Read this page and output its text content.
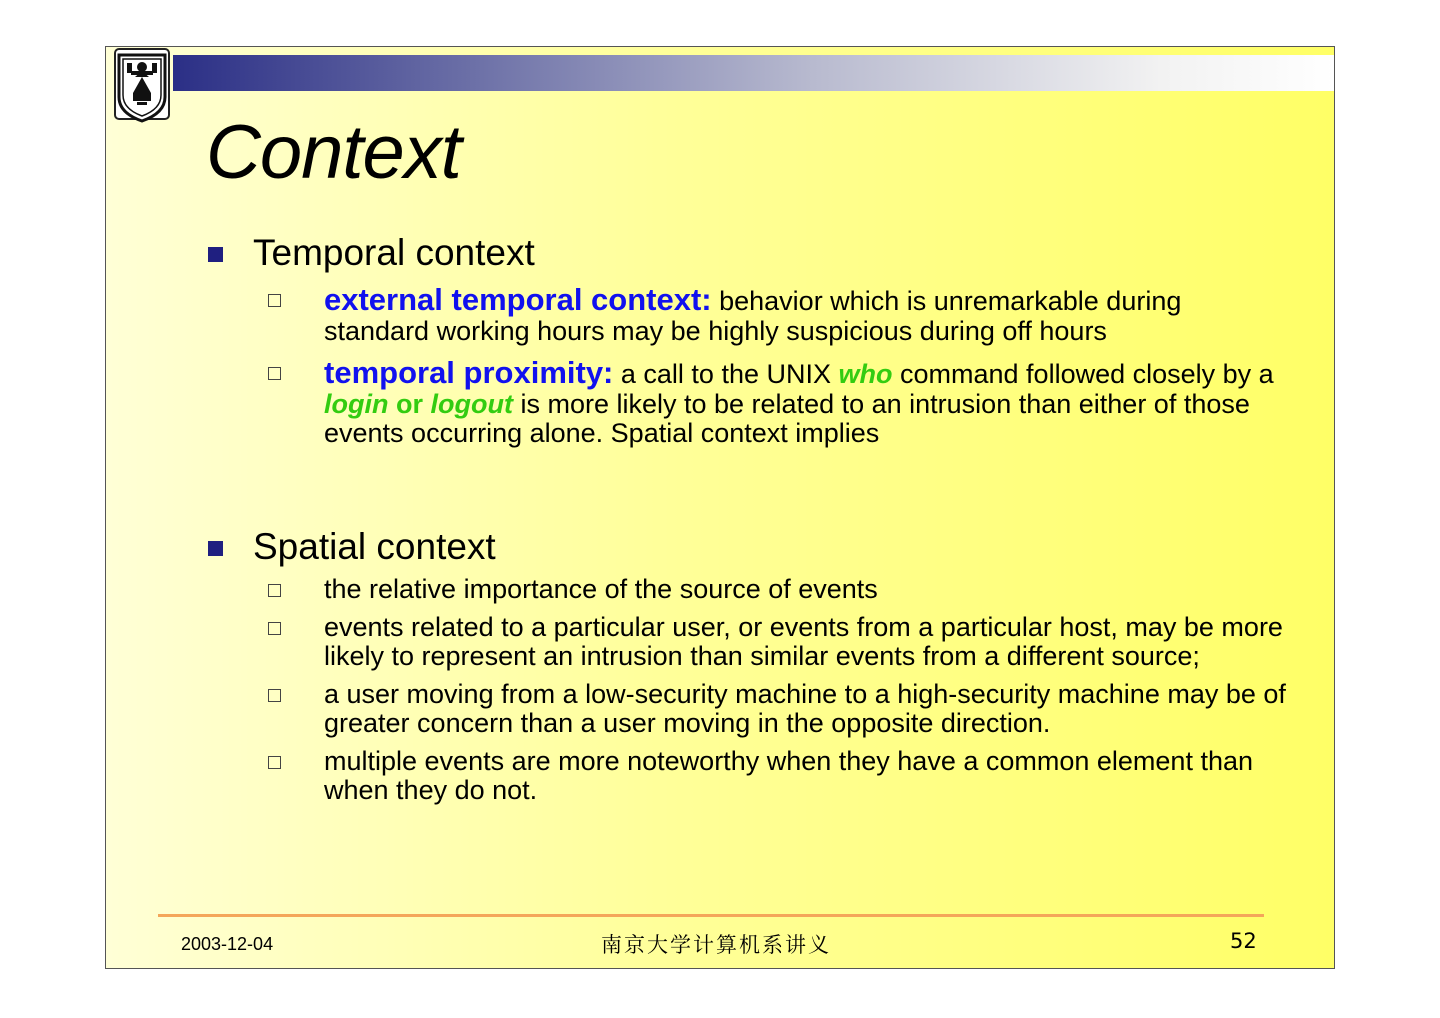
Context
Temporal context
external temporal context: behavior which is unremarkable during standard working hours may be highly suspicious during off hours
temporal proximity: a call to the UNIX who command followed closely by a login or logout is more likely to be related to an intrusion than either of those events occurring alone. Spatial context implies
Spatial context
the relative importance of the source of events
events related to a particular user, or events from a particular host, may be more likely to represent an intrusion than similar events from a different source;
a user moving from a low-security machine to a high-security machine may be of greater concern than a user moving in the opposite direction.
multiple events are more noteworthy when they have a common element than when they do not.
2003-12-04	南京大学计算机系讲义	52
